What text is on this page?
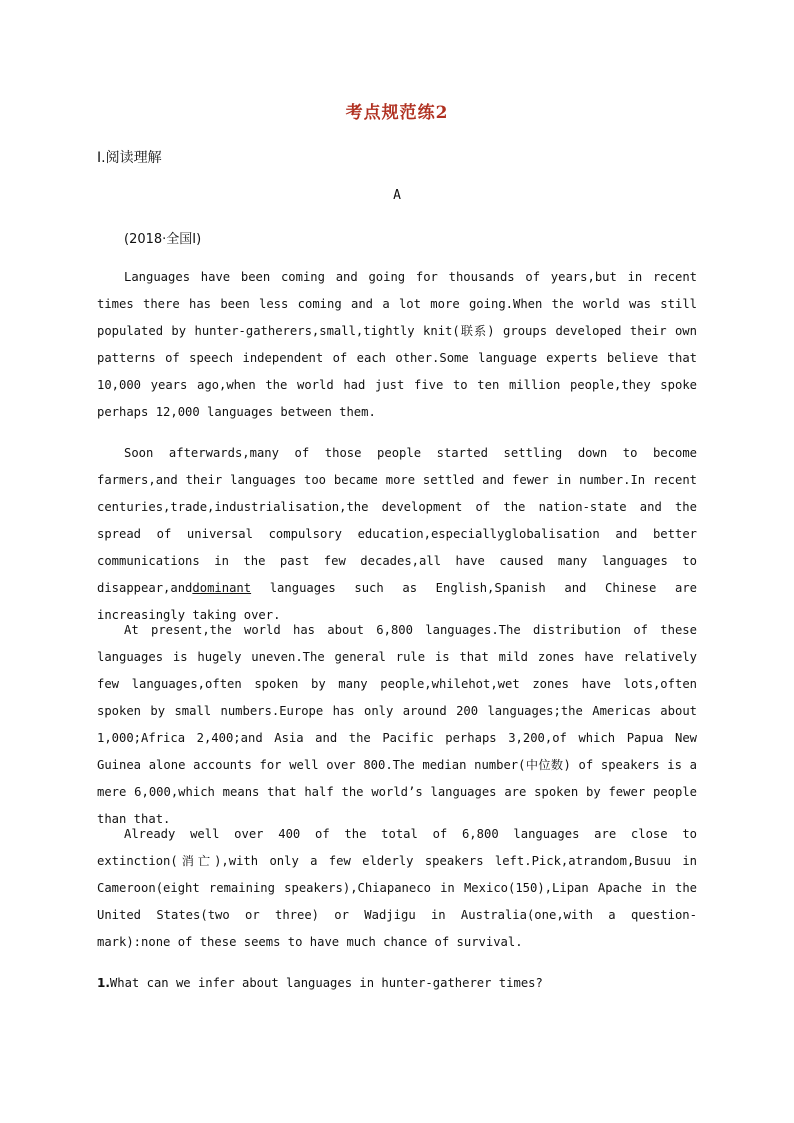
考点规范练2
Ⅰ.阅读理解
A
(2018·全国Ⅰ)

Languages have been coming and going for thousands of years,but in recent times there has been less coming and a lot more going.When the world was still populated by hunter-gatherers,small,tightly knit(联系) groups developed their own patterns of speech independent of each other.Some language experts believe that 10,000 years ago,when the world had just five to ten million people,they spoke perhaps 12,000 languages between them.

Soon afterwards,many of those people started settling down to become farmers,and their languages too became more settled and fewer in number.In recent centuries,trade,industrialisation,the development of the nation-state and the spread of universal compulsory education,especiallyglobalisation and better communications in the past few decades,all have caused many languages to disappear,anddominant languages such as English,Spanish and Chinese are increasingly taking over.

At present,the world has about 6,800 languages.The distribution of these languages is hugely uneven.The general rule is that mild zones have relatively few languages,often spoken by many people,whilehot,wet zones have lots,often spoken by small numbers.Europe has only around 200 languages;the Americas about 1,000;Africa 2,400;and Asia and the Pacific perhaps 3,200,of which Papua New Guinea alone accounts for well over 800.The median number(中位数) of speakers is a mere 6,000,which means that half the world’s languages are spoken by fewer people than that.

Already well over 400 of the total of 6,800 languages are close to extinction(消亡),with only a few elderly speakers left.Pick,atrandom,Busuu in Cameroon(eight remaining speakers),Chiapaneco in Mexico(150),Lipan Apache in the United States(two or three) or Wadjigu in Australia(one,with a question-mark):none of these seems to have much chance of survival.

1.What can we infer about languages in hunter-gatherer times?
